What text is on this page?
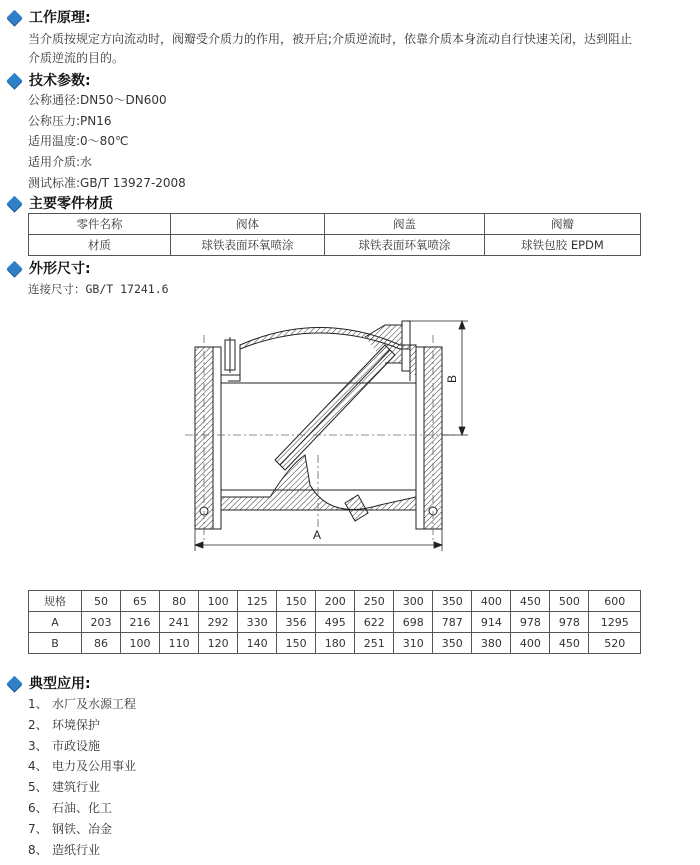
工作原理:
当介质按规定方向流动时，阀瓣受介质力的作用，被开启;介质逆流时，依靠介质本身流动自行快速关闭，达到阻止
介质逆流的目的。
技术参数:
公称通径:DN50～DN600
公称压力:PN16
适用温度:0～80℃
适用介质:水
测试标准:GB/T 13927-2008
主要零件材质
零件名称	阀体	阀盖	阀瓣
材质	球铁表面环氧喷涂	球铁表面环氧喷涂	球铁包胶 EPDM
外形尺寸:
连接尺寸：GB/T 17241.6
A
B
规格	50	65	80	100	125	150	200	250	300	350	400	450	500	600
A	203	216	241	292	330	356	495	622	698	787	914	978	978	1295
B	86	100	110	120	140	150	180	251	310	350	380	400	450	520
典型应用:
1、 水厂及水源工程
2、 环境保护
3、 市政设施
4、 电力及公用事业
5、 建筑行业
6、 石油、化工
7、 钢铁、冶金
8、 造纸行业
